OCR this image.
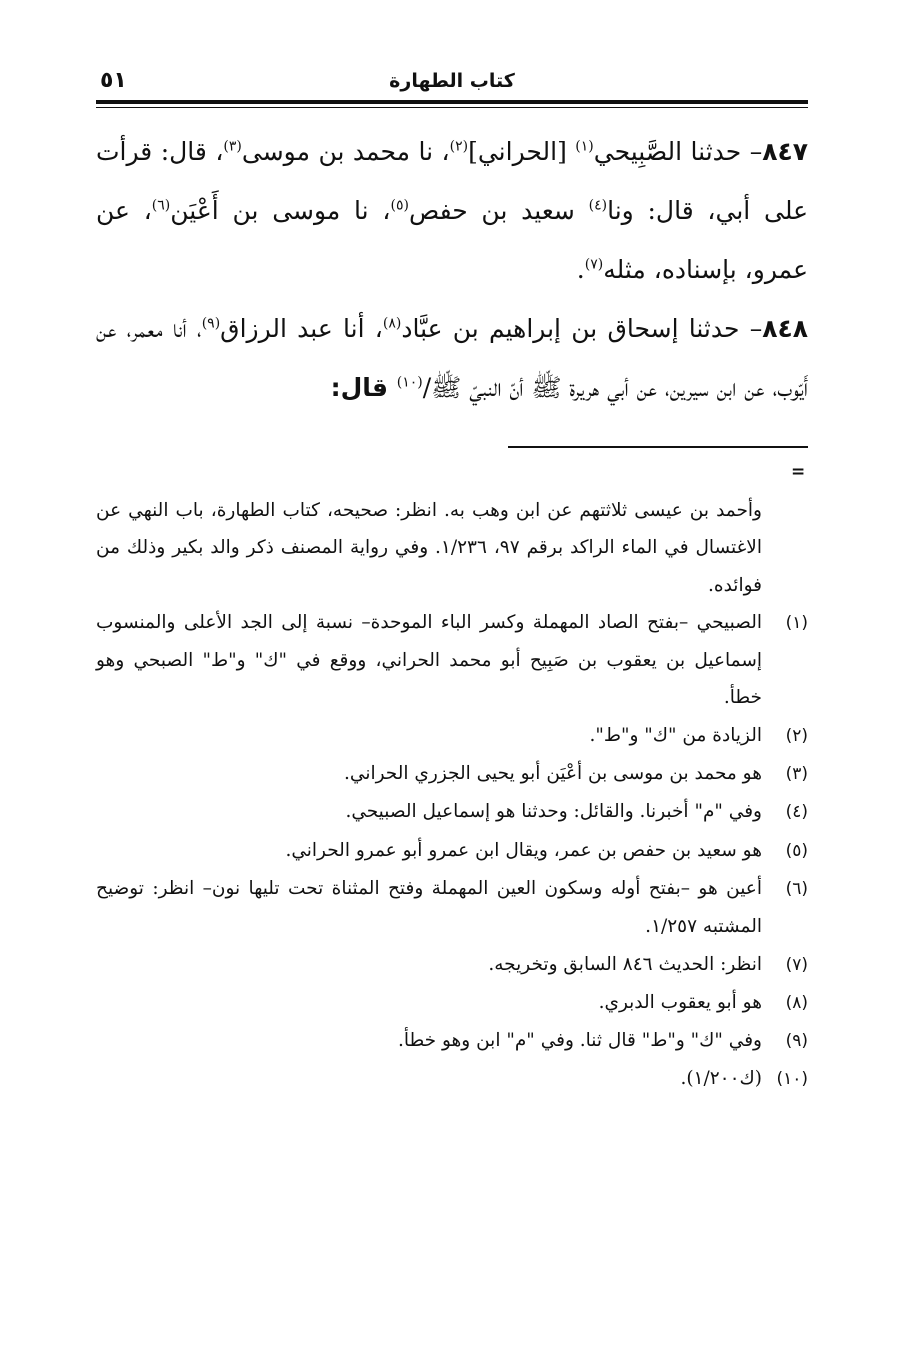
كتاب الطهارة
٥١

٨٤٧– حدثنا الصَّبِيحي$^{(١)}$ [الحراني]$^{(٢)}$، نا محمد بن موسى$^{(٣)}$، قال: قرأت على أبي، قال: ونا$^{(٤)}$ سعيد بن حفص$^{(٥)}$، نا موسى بن أَعْيَن$^{(٦)}$، عن عمرو، بإسناده، مثله$^{(٧)}$.

٨٤٨– حدثنا إسحاق بن إبراهيم بن عبَّاد$^{(٨)}$، أنا عبد الرزاق$^{(٩)}$، أنا معمر، عن أَيّوب، عن ابن سيرين، عن أبي هريرة ﷺ أنّ النبيّ ﷺ/$^{(١٠)}$ قال:

=

وأحمد بن عيسى ثلاثتهم عن ابن وهب به. انظر: صحيحه، كتاب الطهارة، باب النهي عن الاغتسال في الماء الراكد برقم ٩٧، ١/٢٣٦. وفي رواية المصنف ذكر والد بكير وذلك من فوائده.

(١)الصبيحي –بفتح الصاد المهملة وكسر الباء الموحدة– نسبة إلى الجد الأعلى والمنسوب إسماعيل بن يعقوب بن صَبِيح أبو محمد الحراني، ووقع في "ك" و"ط" الصبحي وهو خطأ.

(٢)الزيادة من "ك" و"ط".

(٣)هو محمد بن موسى بن أعْيَن أبو يحيى الجزري الحراني.

(٤)وفي "م" أخبرنا. والقائل: وحدثنا هو إسماعيل الصبيحي.

(٥)هو سعيد بن حفص بن عمر، ويقال ابن عمرو أبو عمرو الحراني.

(٦)أعين هو –بفتح أوله وسكون العين المهملة وفتح المثناة تحت تليها نون– انظر: توضيح المشتبه ١/٢٥٧.

(٧)انظر: الحديث ٨٤٦ السابق وتخريجه.

(٨)هو أبو يعقوب الدبري.

(٩)وفي "ك" و"ط" قال ثنا. وفي "م" ابن وهو خطأ.

(١٠)(ك١/٢٠٠).
